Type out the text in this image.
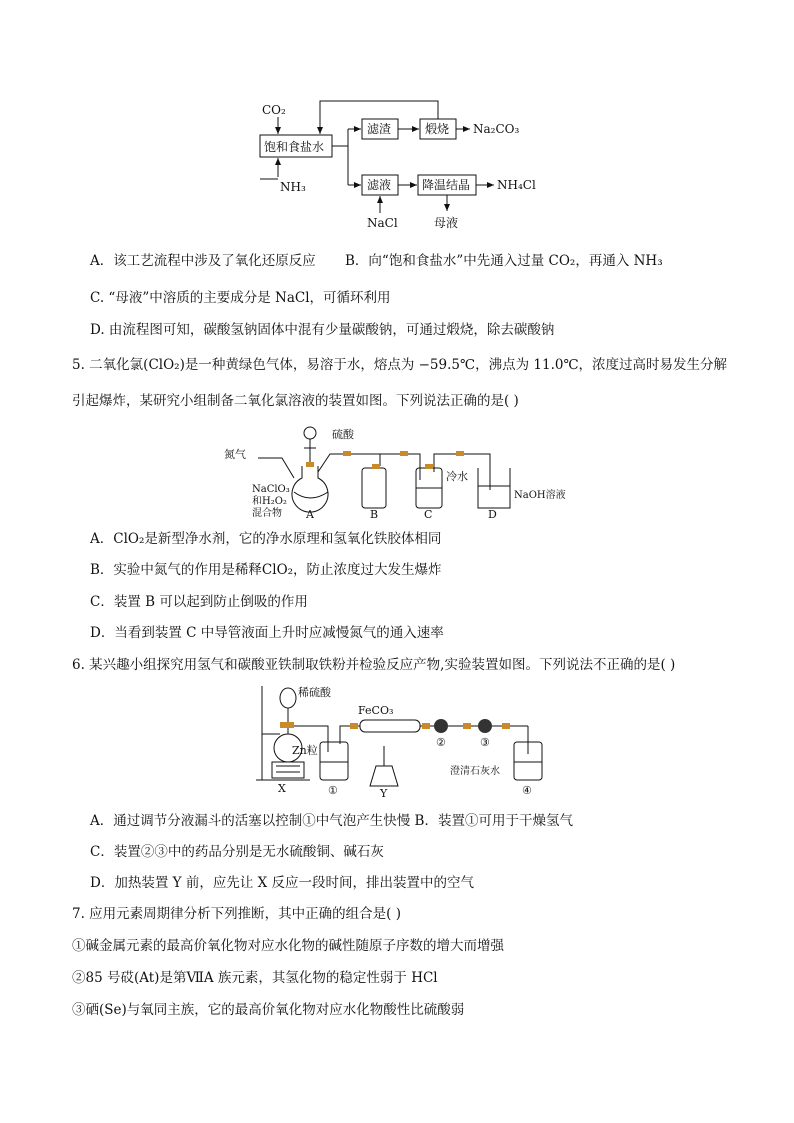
CO₂
饱和食盐水
NH₃
滤渣	煅烧 Na₂CO₃
滤液	降温结晶 NH₄Cl
NaCl	母液
A．该工艺流程中涉及了氧化还原反应 B．向“饱和食盐水”中先通入过量 CO₂，再通入 NH₃
C. “母液”中溶质的主要成分是 NaCl，可循环利用
D. 由流程图可知，碳酸氢钠固体中混有少量碳酸钠，可通过煅烧，除去碳酸钠
5. 二氧化氯(ClO₂)是一种黄绿色气体，易溶于水，熔点为 −59.5℃，沸点为 11.0℃，浓度过高时易发生分解
引起爆炸，某研究小组制备二氧化氯溶液的装置如图。下列说法正确的是( )
硫酸
氮气
NaClO₃
和H₂O₂
混合物 A	B
冷水
C
NaOH溶液
D
A．ClO₂是新型净水剂，它的净水原理和氢氧化铁胶体相同
B．实验中氮气的作用是稀释ClO₂，防止浓度过大发生爆炸
C．装置 B 可以起到防止倒吸的作用
D．当看到装置 C 中导管液面上升时应减慢氮气的通入速率
6. 某兴趣小组探究用氢气和碳酸亚铁制取铁粉并检验反应产物,实验装置如图。下列说法不正确的是( )
稀硫酸
FeCO₃
Zn粒
X	①	Y
②	③
澄清石灰水
④
A．通过调节分液漏斗的活塞以控制①中气泡产生快慢 B．装置①可用于干燥氢气
C．装置②③中的药品分别是无水硫酸铜、碱石灰
D．加热装置 Y 前，应先让 X 反应一段时间，排出装置中的空气
7. 应用元素周期律分析下列推断，其中正确的组合是( )
①碱金属元素的最高价氧化物对应水化物的碱性随原子序数的增大而增强
②85 号砹(At)是第ⅦA 族元素，其氢化物的稳定性弱于 HCl
③硒(Se)与氧同主族，它的最高价氧化物对应水化物酸性比硫酸弱
